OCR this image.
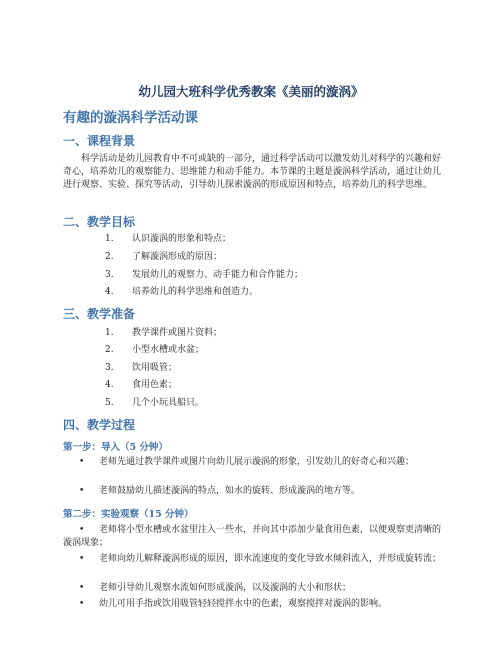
幼儿园大班科学优秀教案《美丽的漩涡》
有趣的漩涡科学活动课
一、课程背景

科学活动是幼儿园教育中不可或缺的一部分，通过科学活动可以激发幼儿对科学的兴趣和好奇心，培养幼儿的观察能力、思维能力和动手能力。本节课的主题是漩涡科学活动，通过让幼儿进行观察、实验、探究等活动，引导幼儿探索漩涡的形成原因和特点，培养幼儿的科学思维。

二、教学目标
1.	认识漩涡的形象和特点；
2.	了解漩涡形成的原因；
3.	发展幼儿的观察力、动手能力和合作能力；
4.	培养幼儿的科学思维和创造力。
三、教学准备
1.	教学课件或图片资料；
2.	小型水槽或水盆；
3.	饮用吸管；
4.	食用色素；
5.	几个小玩具船只。
四、教学过程
第一步：导入（5 分钟）
•	老师先通过教学课件或图片向幼儿展示漩涡的形象，引发幼儿的好奇心和兴趣；
•	老师鼓励幼儿描述漩涡的特点，如水的旋转、形成漩涡的地方等。
第二步：实验观察（15 分钟）
•	老师将小型水槽或水盆里注入一些水，并向其中添加少量食用色素，以便观察更清晰的漩涡现象；
•	老师向幼儿解释漩涡形成的原因，即水流速度的变化导致水倾斜流入，并形成旋转流；
•	老师引导幼儿观察水流如何形成漩涡，以及漩涡的大小和形状；
•	幼儿可用手指或饮用吸管轻轻搅拌水中的色素，观察搅拌对漩涡的影响。
